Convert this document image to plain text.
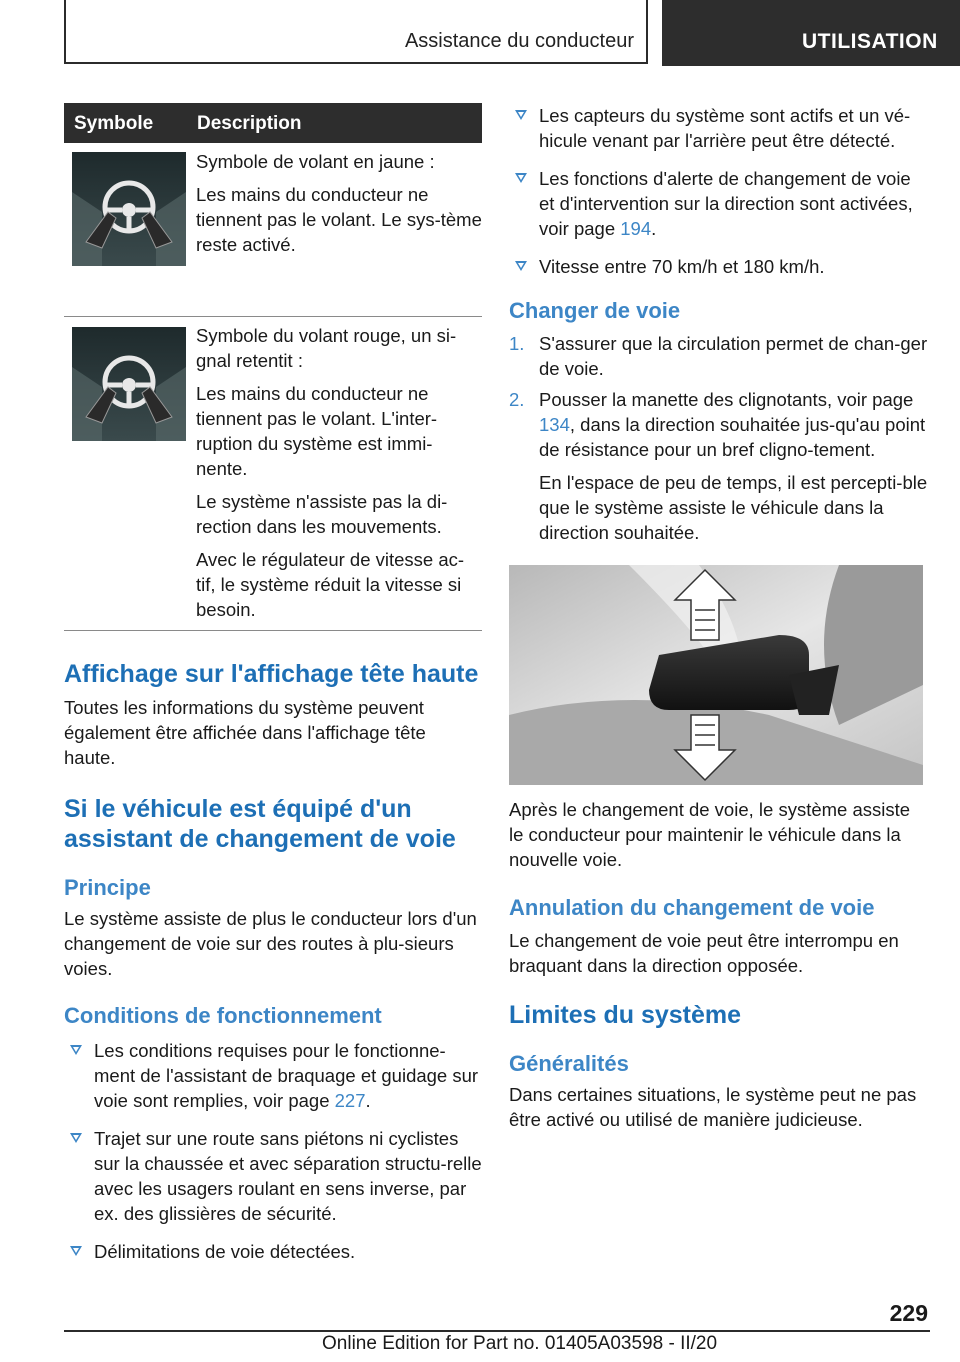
Assistance du conducteur	UTILISATION
Symbole Description

Symbole de volant en jaune :

Les mains du conducteur ne tiennent pas le volant. Le sys-tème reste activé.

Symbole du volant rouge, un si-gnal retentit :

Les mains du conducteur ne tiennent pas le volant. L'inter-ruption du système est immi-nente.

Le système n'assiste pas la di-rection dans les mouvements.

Avec le régulateur de vitesse ac-tif, le système réduit la vitesse si besoin.

Affichage sur l'affichage tête haute

Toutes les informations du système peuvent également être affichée dans l'affichage tête haute.

Si le véhicule est équipé d'un assistant de changement de voie
Principe

Le système assiste de plus le conducteur lors d'un changement de voie sur des routes à plu-sieurs voies.

Conditions de fonctionnement
Les conditions requises pour le fonctionne-ment de l'assistant de braquage et guidage sur voie sont remplies, voir page 227.
Trajet sur une route sans piétons ni cyclistes sur la chaussée et avec séparation structu-relle avec les usagers roulant en sens inverse, par ex. des glissières de sécurité.
Délimitations de voie détectées.
Les capteurs du système sont actifs et un vé-hicule venant par l'arrière peut être détecté.
Les fonctions d'alerte de changement de voie et d'intervention sur la direction sont activées, voir page 194.
Vitesse entre 70 km/h et 180 km/h.
Changer de voie
1. S'assurer que la circulation permet de chan-ger de voie.
2. Pousser la manette des clignotants, voir page 134, dans la direction souhaitée jus-qu'au point de résistance pour un bref cligno-tement.

En l'espace de peu de temps, il est percepti-ble que le système assiste le véhicule dans la direction souhaitée.

Après le changement de voie, le système assiste le conducteur pour maintenir le véhicule dans la nouvelle voie.

Annulation du changement de voie

Le changement de voie peut être interrompu en braquant dans la direction opposée.

Limites du système
Généralités

Dans certaines situations, le système peut ne pas être activé ou utilisé de manière judicieuse.

229
Online Edition for Part no. 01405A03598 - II/20
